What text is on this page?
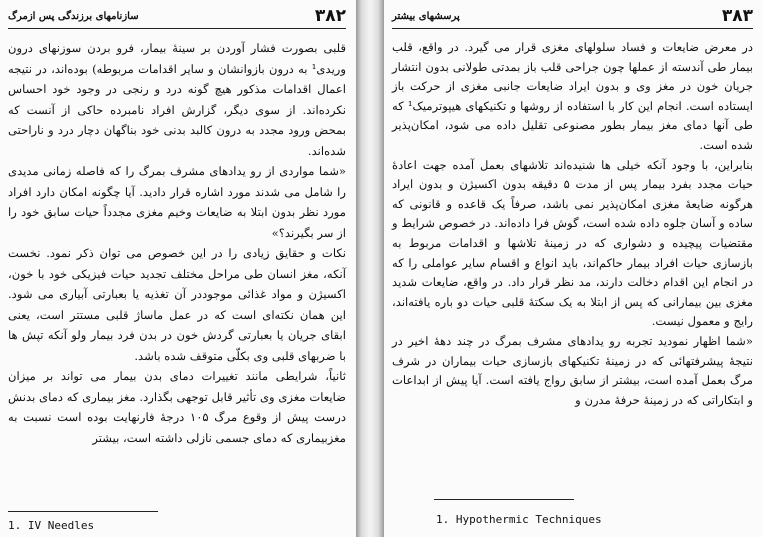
۳۸۲
سازنامهای برزندگی پس ازمرگ

قلبی بصورت فشار آوردن بر سینهٔ بیمار، فرو بردن سوزنهای درون وریدی¹ به درون بازوانشان و سایر اقدامات مربوطه) بوده‌اند، در نتیجه اعمال اقدامات مذکور هیچ گونه درد و رنجی در وجود خود احساس نکرده‌اند. از سوی دیگر، گزارش افراد نامبرده حاکی از آنست که بمحض ورود مجدد به درون کالبد بدنی خود بناگهان دچار درد و ناراحتی شده‌اند.

«شما مواردی از رو یدادهای مشرف بمرگ را که فاصله زمانی مدیدی را شامل می شدند مورد اشاره قرار دادید. آیا چگونه امکان دارد افراد مورد نظر بدون ابتلا به ضایعات وخیم مغزی مجدداً حیات سابق خود را از سر بگیرند؟»

نکات و حقایق زیادی را در این خصوص می توان ذکر نمود. نخست آنکه، مغز انسان طی مراحل مختلف تجدید حیات فیزیکی خود با خون، اکسیژن و مواد غذائی موجوددر آن تغذیه یا بعبارتی آبیاری می شود. این همان نکته‌ای است که در عمل ماساژ قلبی مستتر است، یعنی ابقای جریان یا بعبارتی گردش خون در بدن فرد بیمار ولو آنکه تپش ها با ضربهای قلبی وی بکلّی متوقف شده باشد.

ثانیاً، شرایطی مانند تغییرات دمای بدن بیمار می تواند بر میزان ضایعات مغزی وی تأثیر قابل توجهی بگذارد. مغز بیماری که دمای بدنش درست پیش از وقوع مرگ ۱۰۵ درجهٔ فارنهایت بوده است نسبت به مغزبیماری که دمای جسمی نازلی داشته است، بیشتر

1. IV Needles
۳۸۳
پرسشهای بیشتر

در معرض ضایعات و فساد سلولهای مغزی قرار می گیرد. در واقع، قلب بیمار طی آندسته از عملها چون جراحی قلب باز بمدتی طولانی بدون انتشار جریان خون در مغز وی و بدون ایراد ضایعات جانبی مغزی از حرکت باز ایستاده است. انجام این کار با استفاده از روشها و تکنیکهای هیپوترمیک¹ که طی آنها دمای مغز بیمار بطور مصنوعی تقلیل داده می شود، امکان‌پذیر شده است.

بنابراین، با وجود آنکه خیلی ها شنیده‌اند تلاشهای بعمل آمده جهت اعادهٔ حیات مجدد بفرد بیمار پس از مدت ۵ دقیقه بدون اکسیژن و بدون ایراد هرگونه ضایعهٔ مغزی امکان‌پذیر نمی باشد، صرفاً یک قاعده و قانونی که ساده و آسان جلوه داده شده است، گوش فرا داده‌اند. در خصوص شرایط و مقتضیات پیچیده و دشواری که در زمینهٔ تلاشها و اقدامات مربوط به بازسازی حیات افراد بیمار حاکم‌اند، باید انواع و اقسام سایر عواملی را که در انجام این اقدام دخالت دارند، مد نظر قرار داد. در واقع، ضایعات شدید مغزی بین بیمارانی که پس از ابتلا به یک سکتهٔ قلبی حیات دو باره یافته‌اند، رایج و معمول نیست.

«شما اظهار نمودید تجربه رو یدادهای مشرف بمرگ در چند دههٔ اخیر در نتیجهٔ پیشرفتهائی که در زمینهٔ تکنیکهای بازسازی حیات بیماران در شرف مرگ بعمل آمده است، بیشتر از سابق رواج یافته است. آیا پیش از ابداعات و ابتکاراتی که در زمینهٔ حرفهٔ مدرن و

1. Hypothermic Techniques
